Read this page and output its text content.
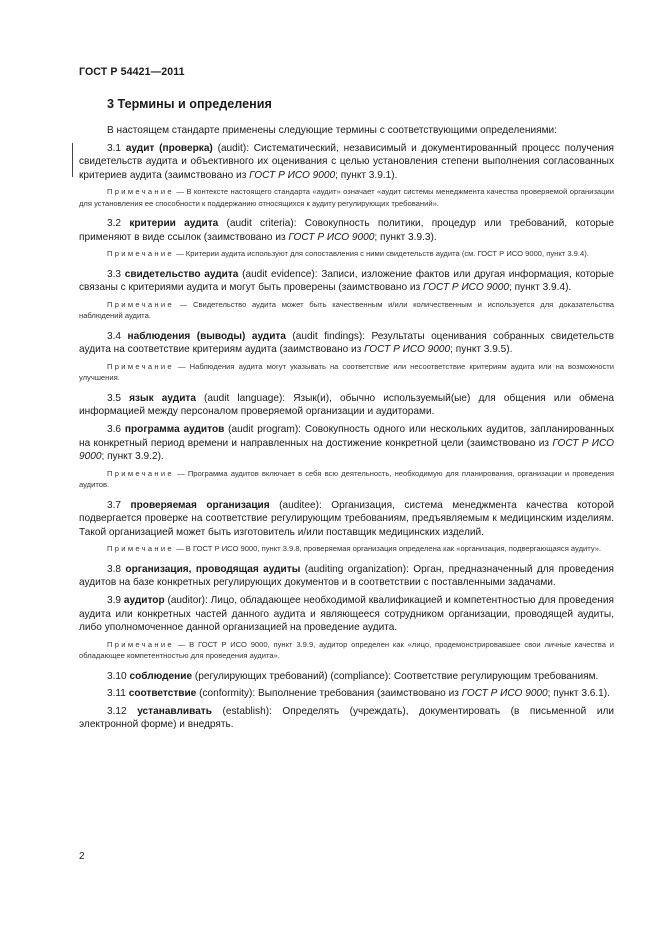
ГОСТ Р 54421—2011
3 Термины и определения

В настоящем стандарте применены следующие термины с соответствующими определениями:

3.1 аудит (проверка) (audit): Систематический, независимый и документированный процесс получения свидетельств аудита и объективного их оценивания с целью установления степени выполнения согласованных критериев аудита (заимствовано из ГОСТ Р ИСО 9000; пункт 3.9.1).

Примечание — В контексте настоящего стандарта «аудит» означает «аудит системы менеджмента качества проверяемой организации для установления ее способности к поддержанию относящихся к аудиту регулирующих требований».

3.2 критерии аудита (audit criteria): Совокупность политики, процедур или требований, которые применяют в виде ссылок (заимствовано из ГОСТ Р ИСО 9000; пункт 3.9.3).

Примечание — Критерии аудита используют для сопоставления с ними свидетельств аудита (см. ГОСТ Р ИСО 9000, пункт 3.9.4).

3.3 свидетельство аудита (audit evidence): Записи, изложение фактов или другая информация, которые связаны с критериями аудита и могут быть проверены (заимствовано из ГОСТ Р ИСО 9000; пункт 3.9.4).

Примечание — Свидетельство аудита может быть качественным и/или количественным и используется для доказательства наблюдений аудита.

3.4 наблюдения (выводы) аудита (audit findings): Результаты оценивания собранных свидетельств аудита на соответствие критериям аудита (заимствовано из ГОСТ Р ИСО 9000; пункт 3.9.5).

Примечание — Наблюдения аудита могут указывать на соответствие или несоответствие критериям аудита или на возможности улучшения.

3.5 язык аудита (audit language): Язык(и), обычно используемый(ые) для общения или обмена информацией между персоналом проверяемой организации и аудиторами.

3.6 программа аудитов (audit program): Совокупность одного или нескольких аудитов, запланированных на конкретный период времени и направленных на достижение конкретной цели (заимствовано из ГОСТ Р ИСО 9000; пункт 3.9.2).

Примечание — Программа аудитов включает в себя всю деятельность, необходимую для планирования, организации и проведения аудитов.

3.7 проверяемая организация (auditee): Организация, система менеджмента качества которой подвергается проверке на соответствие регулирующим требованиям, предъявляемым к медицинским изделиям. Такой организацией может быть изготовитель и/или поставщик медицинских изделий.

Примечание — В ГОСТ Р ИСО 9000, пункт 3.9.8, проверяемая организация определена как «организация, подвергающаяся аудиту».

3.8 организация, проводящая аудиты (auditing organization): Орган, предназначенный для проведения аудитов на базе конкретных регулирующих документов и в соответствии с поставленными задачами.

3.9 аудитор (auditor): Лицо, обладающее необходимой квалификацией и компетентностью для проведения аудита или конкретных частей данного аудита и являющееся сотрудником организации, проводящей аудиты, либо уполномоченное данной организацией на проведение аудита.

Примечание — В ГОСТ Р ИСО 9000, пункт 3.9.9, аудитор определен как «лицо, продемонстрировавшее свои личные качества и обладающее компетентностью для проведения аудита».

3.10 соблюдение (регулирующих требований) (compliance): Соответствие регулирующим требованиям.

3.11 соответствие (conformity): Выполнение требования (заимствовано из ГОСТ Р ИСО 9000; пункт 3.6.1).

3.12 устанавливать (establish): Определять (учреждать), документировать (в письменной или электронной форме) и внедрять.

2
